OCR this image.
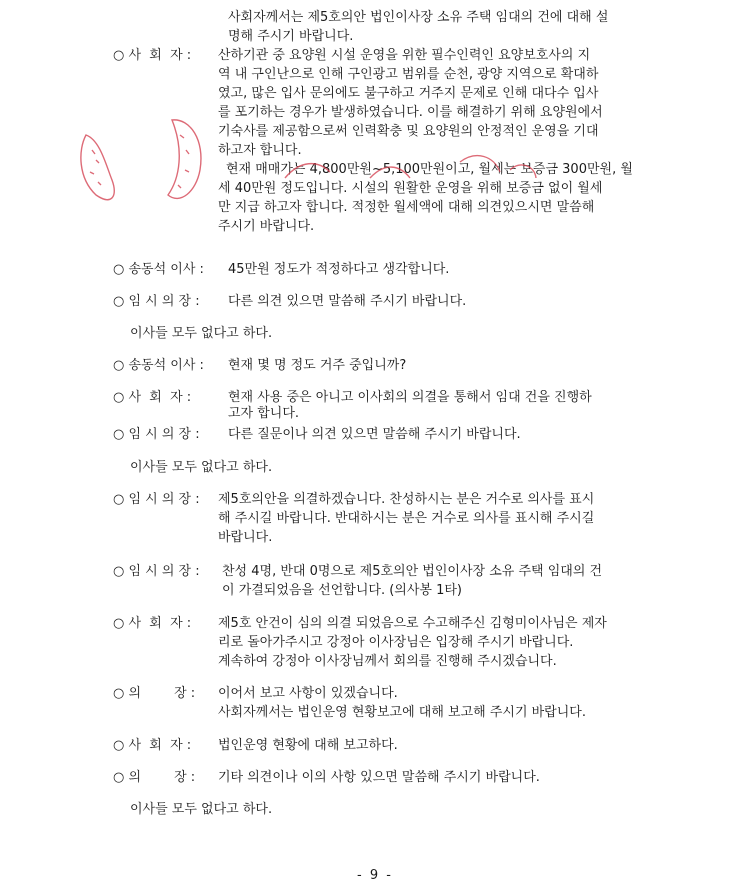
사회자께서는 제5호의안 법인이사장 소유 주택 임대의 건에 대해 설
명해 주시기 바랍니다.
○ 사  회  자 :	산하기관 중 요양원 시설 운영을 위한 필수인력인 요양보호사의 지
역 내 구인난으로 인해 구인광고 범위를 순천, 광양 지역으로 확대하
였고, 많은 입사 문의에도 불구하고 거주지 문제로 인해 대다수 입사
를 포기하는 경우가 발생하였습니다. 이를 해결하기 위해 요양원에서
기숙사를 제공함으로써 인력확충 및 요양원의 안정적인 운영을 기대
하고자 합니다.
현재 매매가는 4,800만원~5,100만원이고, 월세는 보증금 300만원, 월
세 40만원 정도입니다. 시설의 원활한 운영을 위해 보증금 없이 월세
만 지급 하고자 합니다. 적정한 월세액에 대해 의견있으시면 말씀해
주시기 바랍니다.
○ 송동석 이사 :	45만원 정도가 적정하다고 생각합니다.
○ 임 시 의 장 :	다른 의견 있으면 말씀해 주시기 바랍니다.
이사들 모두 없다고 하다.
○ 송동석 이사 :	현재 몇 명 정도 거주 중입니까?
○ 사  회  자 :	현재 사용 중은 아니고 이사회의 의결을 통해서 임대 건을 진행하
고자 합니다.
○ 임 시 의 장 :	다른 질문이나 의견 있으면 말씀해 주시기 바랍니다.
이사들 모두 없다고 하다.
○ 임 시 의 장 :	제5호의안을 의결하겠습니다. 찬성하시는 분은 거수로 의사를 표시
해 주시길 바랍니다. 반대하시는 분은 거수로 의사를 표시해 주시길
바랍니다.
○ 임 시 의 장 :	찬성 4명, 반대 0명으로 제5호의안 법인이사장 소유 주택 임대의 건
이 가결되었음을 선언합니다. (의사봉 1타)
○ 사  회  자 :	제5호 안건이 심의 의결 되었음으로 수고해주신 김형미이사님은 제자
리로 돌아가주시고 강정아 이사장님은 입장해 주시기 바랍니다.
계속하여 강정아 이사장님께서 회의를 진행해 주시겠습니다.
○ 의        장 :	이어서 보고 사항이 있겠습니다.
사회자께서는 법인운영 현황보고에 대해 보고해 주시기 바랍니다.
○ 사  회  자 :	법인운영 현황에 대해 보고하다.
○ 의        장 :	기타 의견이나 이의 사항 있으면 말씀해 주시기 바랍니다.
이사들 모두 없다고 하다.
- 9 -
